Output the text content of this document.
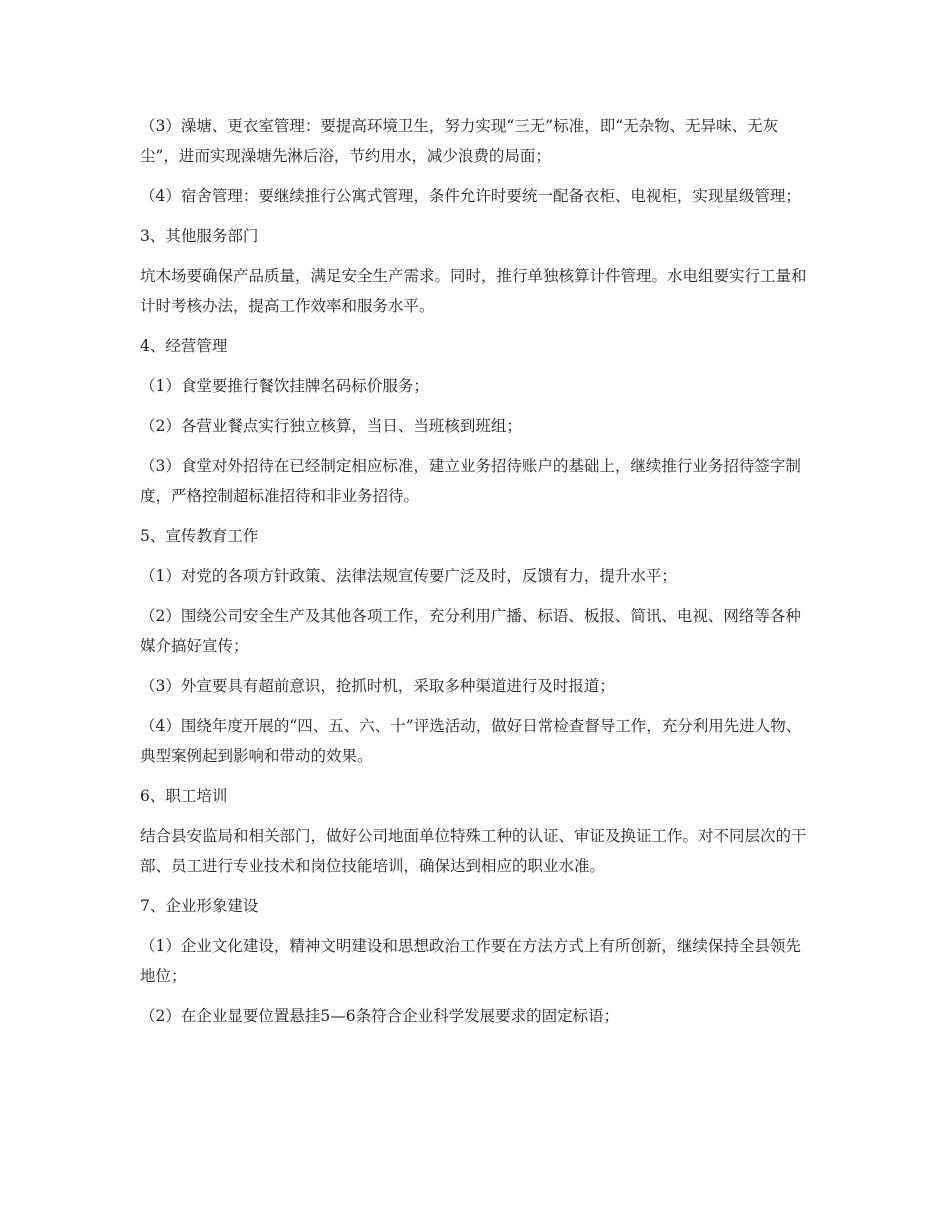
（3）澡塘、更衣室管理：要提高环境卫生，努力实现“三无”标准，即“无杂物、无异味、无灰尘”，进而实现澡塘先淋后浴，节约用水，减少浪费的局面；

（4）宿舍管理：要继续推行公寓式管理，条件允许时要统一配备衣柜、电视柜，实现星级管理；

3、其他服务部门

坑木场要确保产品质量，满足安全生产需求。同时，推行单独核算计件管理。水电组要实行工量和计时考核办法，提高工作效率和服务水平。

4、经营管理

（1）食堂要推行餐饮挂牌名码标价服务；

（2）各营业餐点实行独立核算，当日、当班核到班组；

（3）食堂对外招待在已经制定相应标准，建立业务招待账户的基础上，继续推行业务招待签字制度，严格控制超标准招待和非业务招待。

5、宣传教育工作

（1）对党的各项方针政策、法律法规宣传要广泛及时，反馈有力，提升水平；

（2）围绕公司安全生产及其他各项工作，充分利用广播、标语、板报、简讯、电视、网络等各种媒介搞好宣传；

（3）外宣要具有超前意识，抢抓时机，采取多种渠道进行及时报道；

（4）围绕年度开展的“四、五、六、十”评选活动，做好日常检查督导工作，充分利用先进人物、典型案例起到影响和带动的效果。

6、职工培训

结合县安监局和相关部门，做好公司地面单位特殊工种的认证、审证及换证工作。对不同层次的干部、员工进行专业技术和岗位技能培训，确保达到相应的职业水准。

7、企业形象建设

（1）企业文化建设，精神文明建设和思想政治工作要在方法方式上有所创新，继续保持全县领先地位；

（2）在企业显要位置悬挂5—6条符合企业科学发展要求的固定标语；
